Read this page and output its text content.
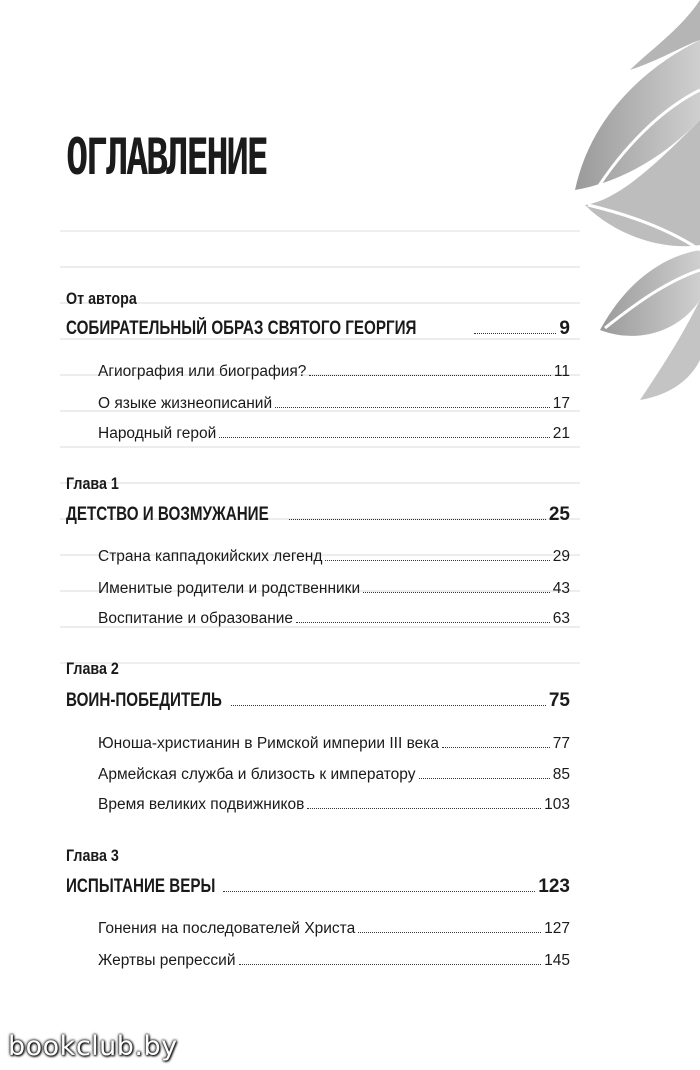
ОГЛАВЛЕНИЕ
От автора
СОБИРАТЕЛЬНЫЙ ОБРАЗ СВЯТОГО ГЕОРГИЯ	9
Агиография или биография?	11
О языке жизнеописаний	17
Народный герой	21
Глава 1
ДЕТСТВО И ВОЗМУЖАНИЕ	25
Страна каппадокийских легенд	29
Именитые родители и родственники	43
Воспитание и образование	63
Глава 2
ВОИН-ПОБЕДИТЕЛЬ	75
Юноша-христианин в Римской империи III века	77
Армейская служба и близость к императору	85
Время великих подвижников	103
Глава 3
ИСПЫТАНИЕ ВЕРЫ	123
Гонения на последователей Христа	127
Жертвы репрессий	145
bookclub.by
